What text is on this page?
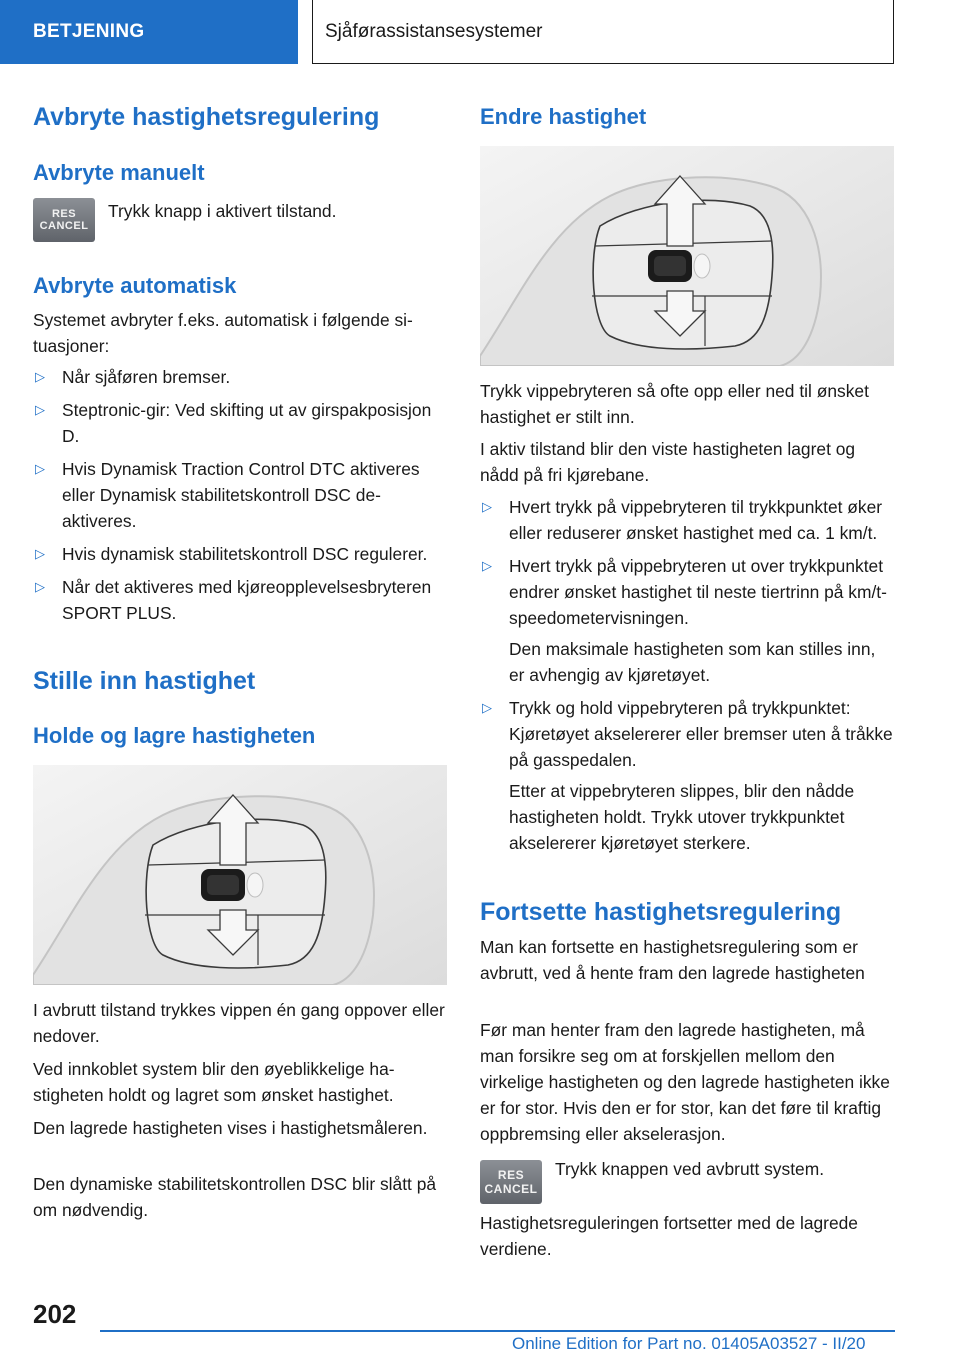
BETJENING	Sjåførassistansesystemer
Avbryte hastighetsregulering
Avbryte manuelt
RES
CANCEL

Trykk knapp i aktivert tilstand.

Avbryte automatisk

Systemet avbryter f.eks. automatisk i følgende situasjoner:

▷ Når sjåføren bremser.
▷ Steptronic-gir: Ved skifting ut av girspakposisjon D.
▷ Hvis Dynamisk Traction Control DTC aktiveres eller Dynamisk stabilitetskontroll DSC deaktiveres.
▷ Hvis dynamisk stabilitetskontroll DSC regulerer.
▷ Når det aktiveres med kjøreopplevelsesbryteren SPORT PLUS.
Stille inn hastighet
Holde og lagre hastigheten

I avbrutt tilstand trykkes vippen én gang oppover eller nedover.

Ved innkoblet system blir den øyeblikkelige hastigheten holdt og lagret som ønsket hastighet.

Den lagrede hastigheten vises i hastighetsmåleren.

Den dynamiske stabilitetskontrollen DSC blir slått på om nødvendig.

Endre hastighet

Trykk vippebryteren så ofte opp eller ned til ønsket hastighet er stilt inn.

I aktiv tilstand blir den viste hastigheten lagret og nådd på fri kjørebane.

▷ Hvert trykk på vippebryteren til trykkpunktet øker eller reduserer ønsket hastighet med ca. 1 km/t.
▷ Hvert trykk på vippebryteren ut over trykkpunktet endrer ønsket hastighet til neste tiertrinn på km/t-speedometervisningen.
Den maksimale hastigheten som kan stilles inn, er avhengig av kjøretøyet.
▷ Trykk og hold vippebryteren på trykkpunktet: Kjøretøyet akselererer eller bremser uten å tråkke på gasspedalen.
Etter at vippebryteren slippes, blir den nådde hastigheten holdt. Trykk utover trykkpunktet akselererer kjøretøyet sterkere.
Fortsette hastighetsregulering

Man kan fortsette en hastighetsregulering som er avbrutt, ved å hente fram den lagrede hastigheten

Før man henter fram den lagrede hastigheten, må man forsikre seg om at forskjellen mellom den virkelige hastigheten og den lagrede hastigheten ikke er for stor. Hvis den er for stor, kan det føre til kraftig oppbremsing eller akselerasjon.

RES
CANCEL

Trykk knappen ved avbrutt system.

Hastighetsreguleringen fortsetter med de lagrede verdiene.

202
Online Edition for Part no. 01405A03527 - II/20
